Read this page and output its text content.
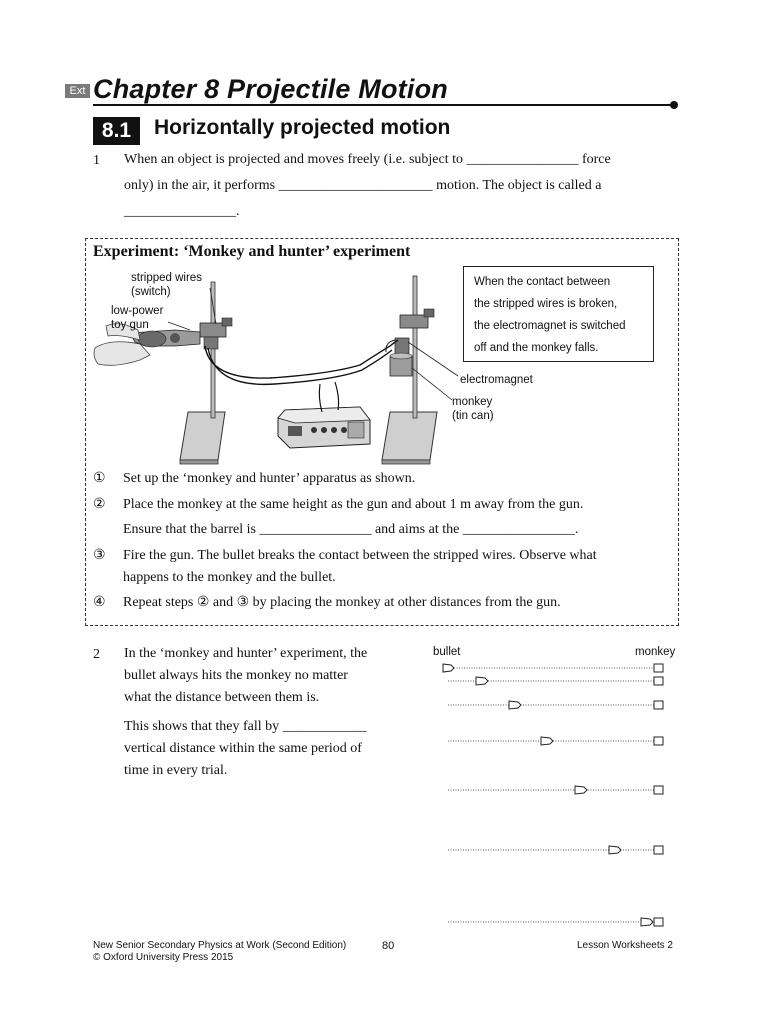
Ext Chapter 8 Projectile Motion
8.1	Horizontally projected motion
1 When an object is projected and moves freely (i.e. subject to ________________ force
only) in the air, it performs ______________________ motion. The object is called a
________________.
Experiment: ‘Monkey and hunter’ experiment
stripped wires
(switch)
low-power
toy gun
electromagnet
monkey
(tin can)
When the contact between
the stripped wires is broken,
the electromagnet is switched
off and the monkey falls.
① Set up the ‘monkey and hunter’ apparatus as shown.
② Place the monkey at the same height as the gun and about 1 m away from the gun.
Ensure that the barrel is ________________ and aims at the ________________.
③ Fire the gun. The bullet breaks the contact between the stripped wires. Observe what
happens to the monkey and the bullet.
④ Repeat steps ② and ③ by placing the monkey at other distances from the gun.
2 In the ‘monkey and hunter’ experiment, the
bullet always hits the monkey no matter
what the distance between them is.
This shows that they fall by ____________
vertical distance within the same period of
time in every trial.
bullet	monkey
New Senior Secondary Physics at Work (Second Edition)
© Oxford University Press 2015
80	Lesson Worksheets 2
